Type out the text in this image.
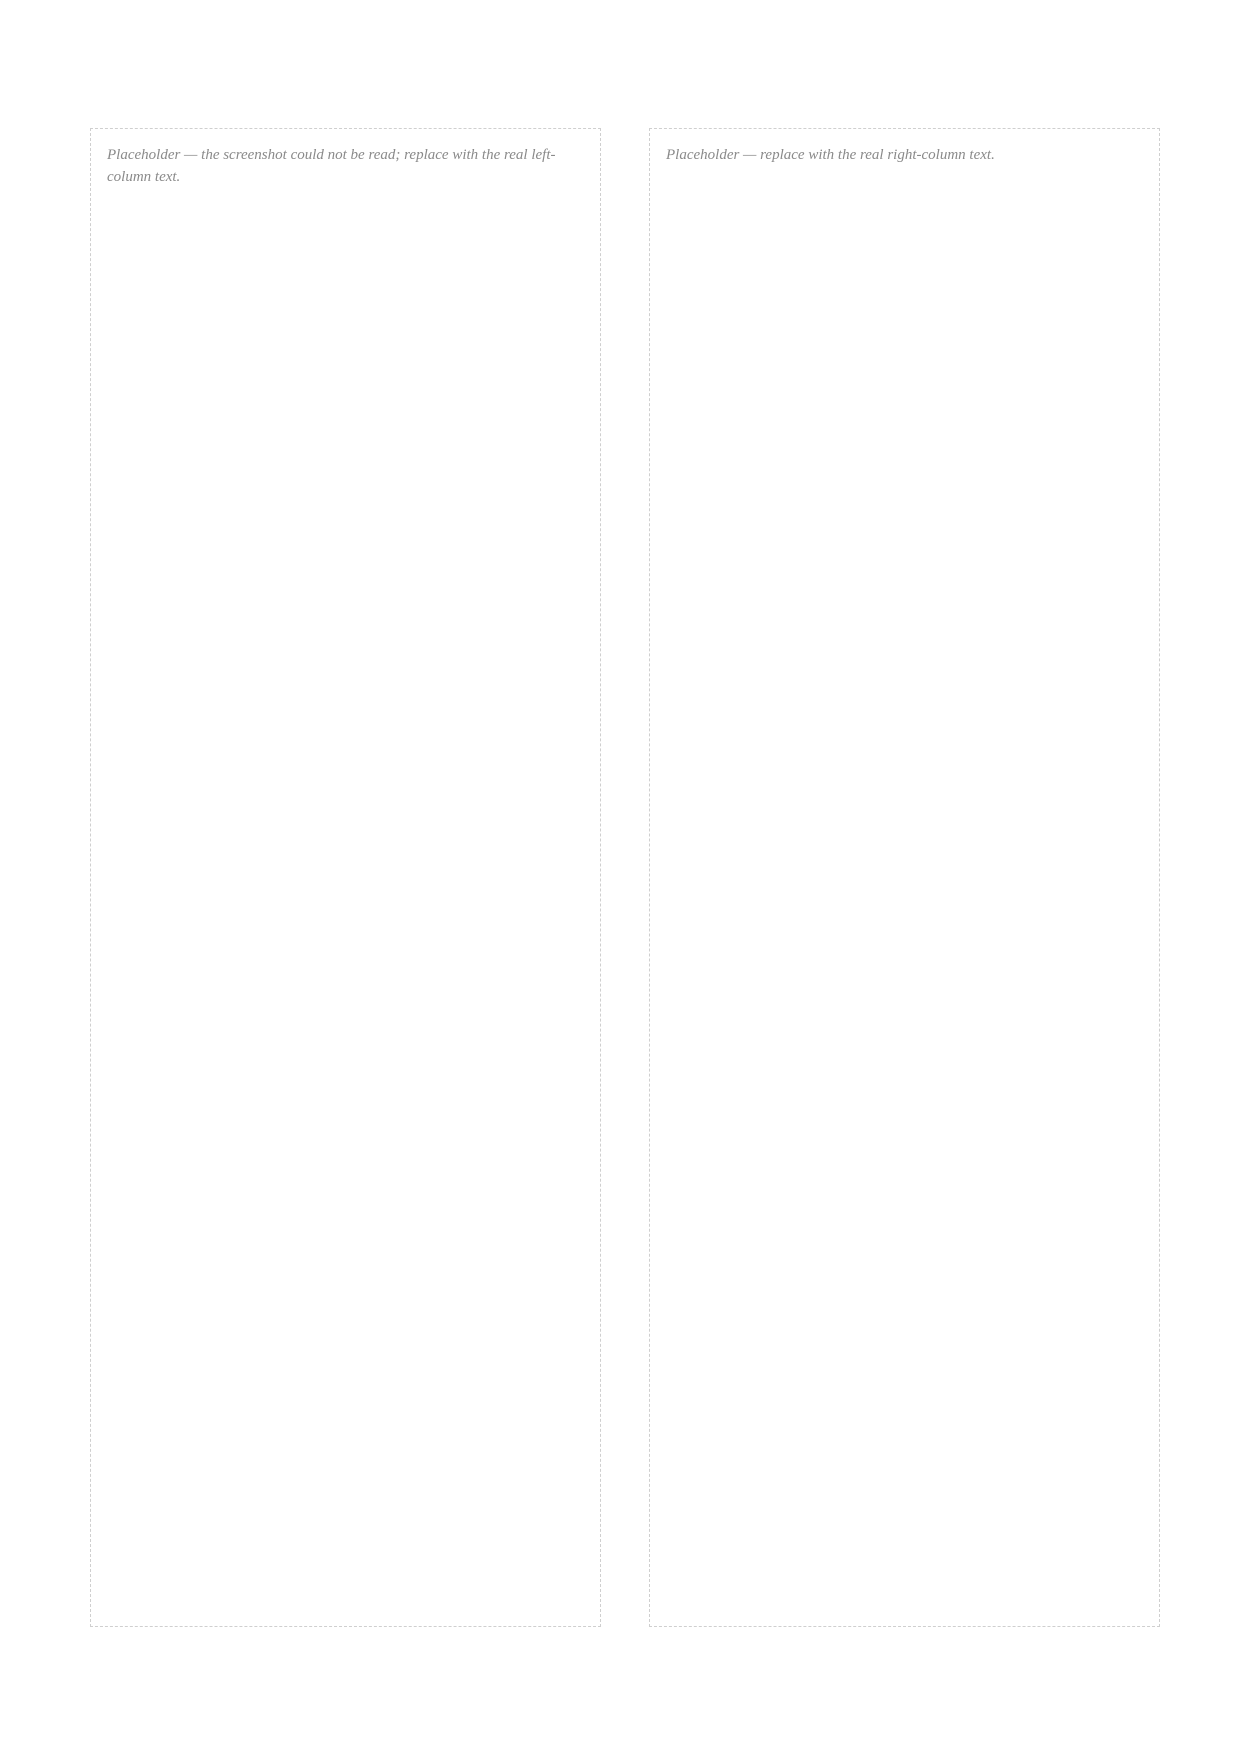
Placeholder — the screenshot could not be read; replace with the real left-column text.

Placeholder — replace with the real right-column text.
